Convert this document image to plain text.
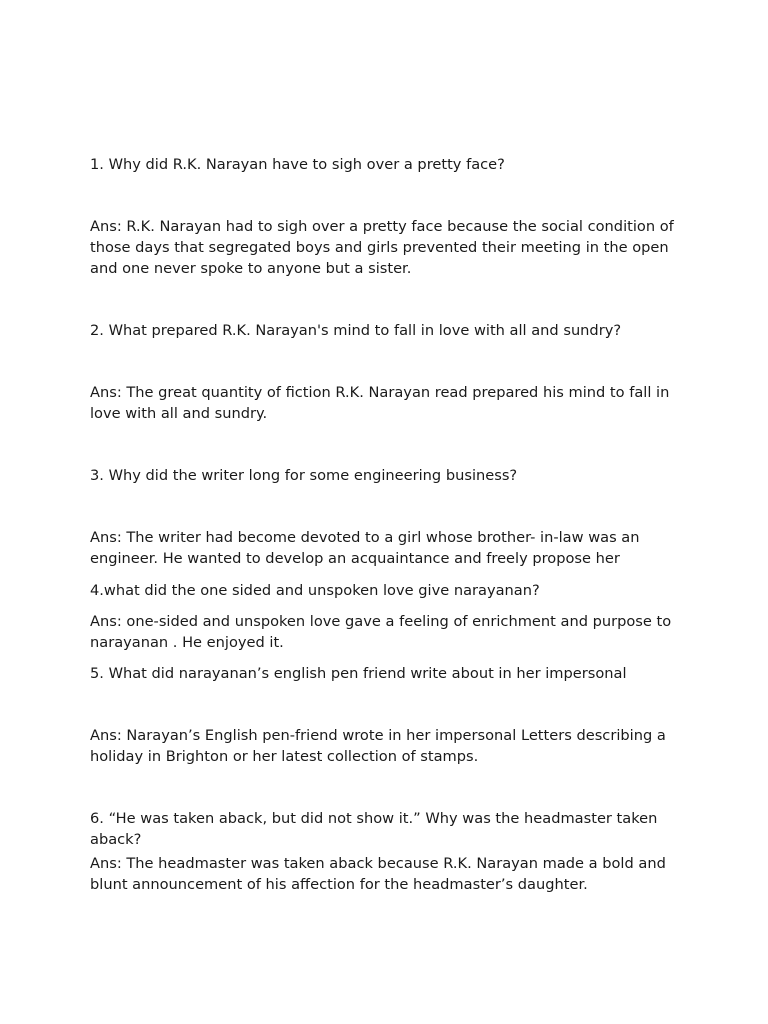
1. Why did R.K. Narayan have to sigh over a pretty face?

Ans: R.K. Narayan had to sigh over a pretty face because the social condition of those days that segregated boys and girls prevented their meeting in the open and one never spoke to anyone but a sister.

2. What prepared R.K. Narayan's mind to fall in love with all and sundry?

Ans: The great quantity of fiction R.K. Narayan read prepared his mind to fall in love with all and sundry.

3. Why did the writer long for some engineering business?

Ans: The writer had become devoted to a girl whose brother- in-law was an engineer. He wanted to develop an acquaintance and freely propose her

4.what did the one sided and unspoken love give narayanan?

Ans: one-sided and unspoken love gave a feeling of enrichment and purpose to narayanan . He enjoyed it.

5. What did narayanan’s english pen friend write about in her impersonal

Ans: Narayan’s English pen-friend wrote in her impersonal Letters describing a holiday in Brighton or her latest collection of stamps.

6. “He was taken aback, but did not show it.” Why was the headmaster taken aback?

Ans: The headmaster was taken aback because R.K. Narayan made a bold and blunt announcement of his affection for the headmaster’s daughter.
